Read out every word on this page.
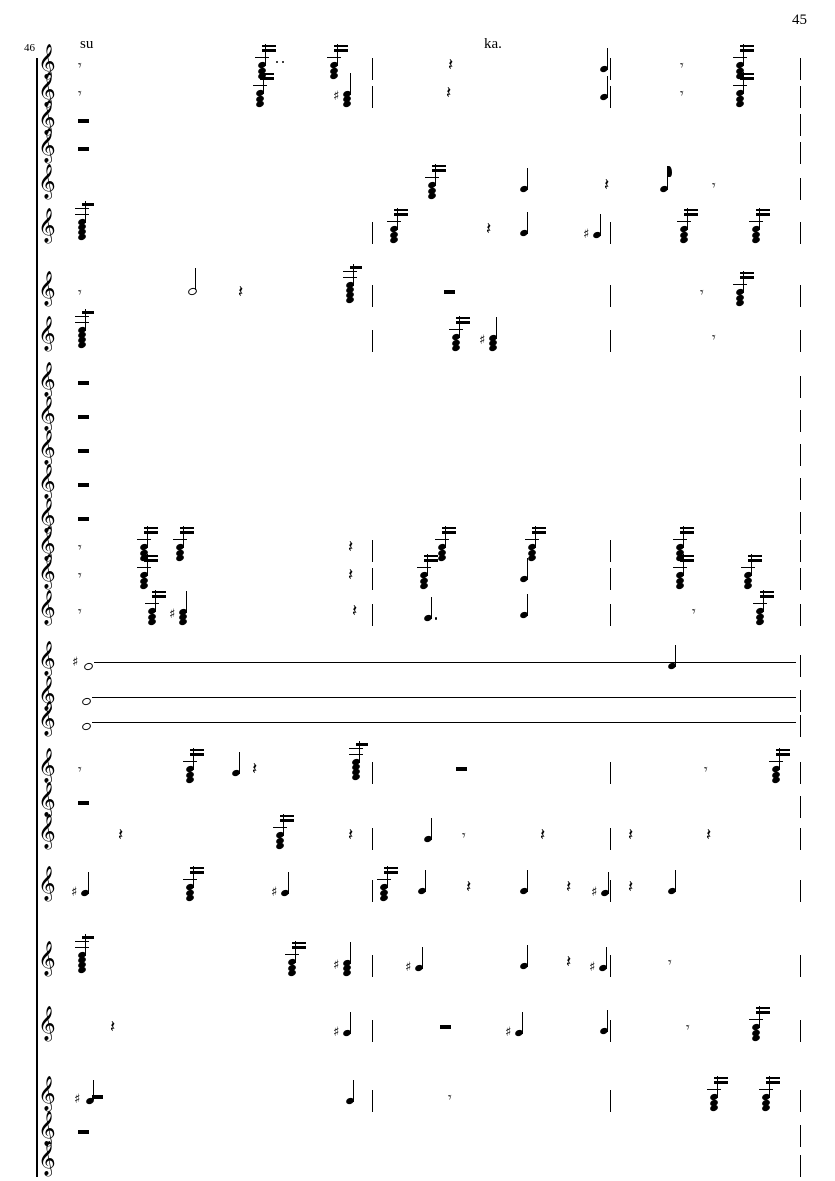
45
46	su	ka.
𝄞
𝄞
𝄞
𝄞
𝄞
𝄞
𝄞
𝄞
𝄞
𝄞
𝄞
𝄞
𝄞
𝄞
𝄞
𝄞
𝄞
𝄞
𝄞
𝄞
𝄞
𝄞
𝄞
𝄞
𝄞
𝄞
𝄞
𝄞
𝄾	𝄽	𝄾
𝄾	♯	𝄽	𝄾
𝄽	𝄾
𝄽	♯
𝄾	𝄽	𝄾
♯	𝄾
𝄾	𝄽
𝄾	𝄽
𝄾	♯	𝄽	𝄾
♯
𝄾	𝄽	𝄾
𝄽	𝄽	𝄾	𝄽	𝄽	𝄽
♯	♯	𝄽	𝄽 ♯ 𝄽
♯	♯	𝄽 ♯	𝄾
𝄽	♯	♯	𝄾
♯	𝄾
